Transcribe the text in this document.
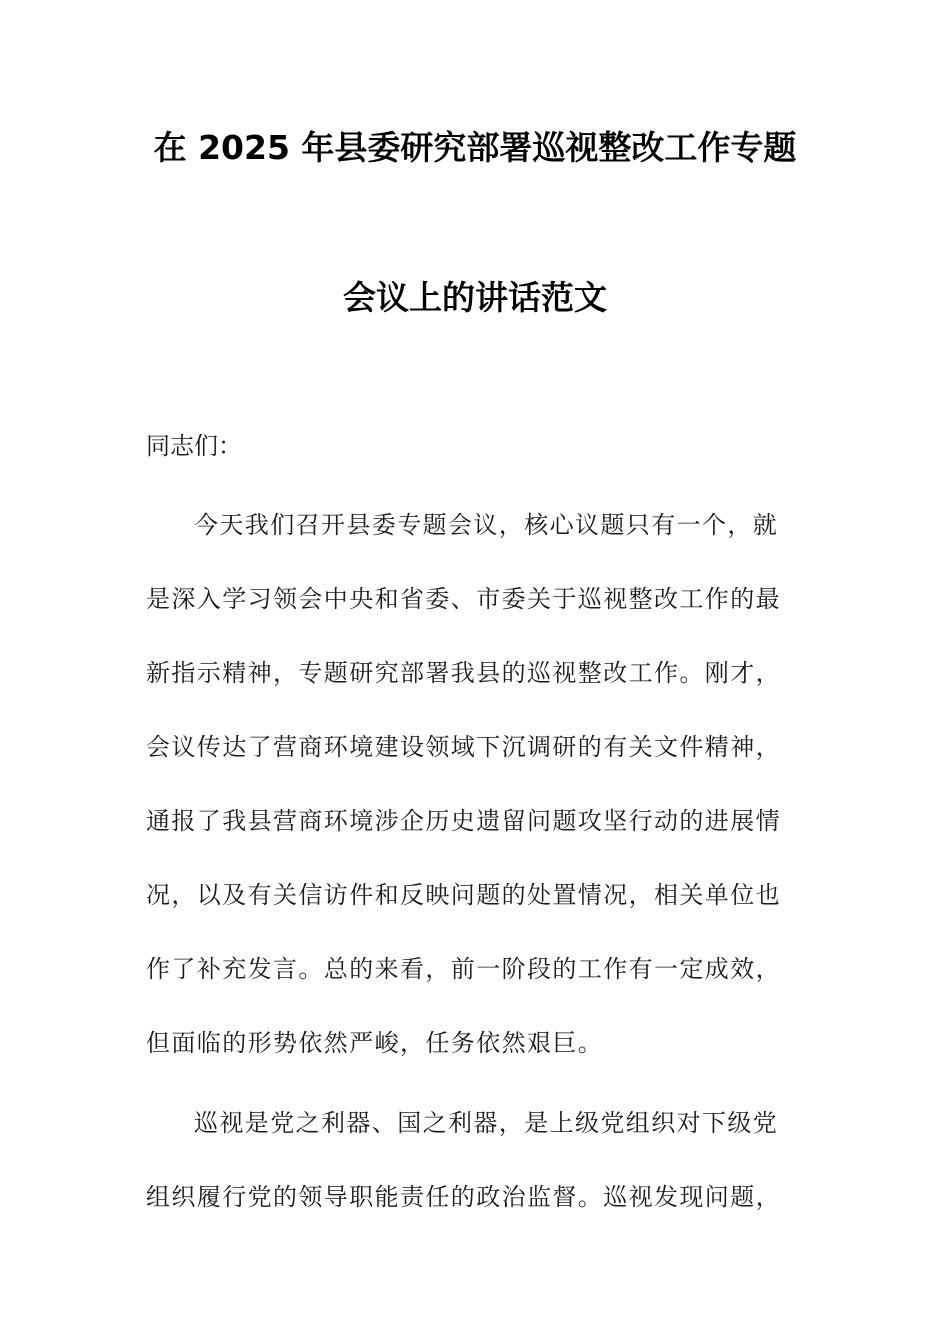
在 2025 年县委研究部署巡视整改工作专题
会议上的讲话范文
同志们：
今天我们召开县委专题会议，核心议题只有一个，就
是深入学习领会中央和省委、市委关于巡视整改工作的最
新指示精神，专题研究部署我县的巡视整改工作。刚才，
会议传达了营商环境建设领域下沉调研的有关文件精神，
通报了我县营商环境涉企历史遗留问题攻坚行动的进展情
况，以及有关信访件和反映问题的处置情况，相关单位也
作了补充发言。总的来看，前一阶段的工作有一定成效，
但面临的形势依然严峻，任务依然艰巨。
巡视是党之利器、国之利器，是上级党组织对下级党
组织履行党的领导职能责任的政治监督。巡视发现问题，
